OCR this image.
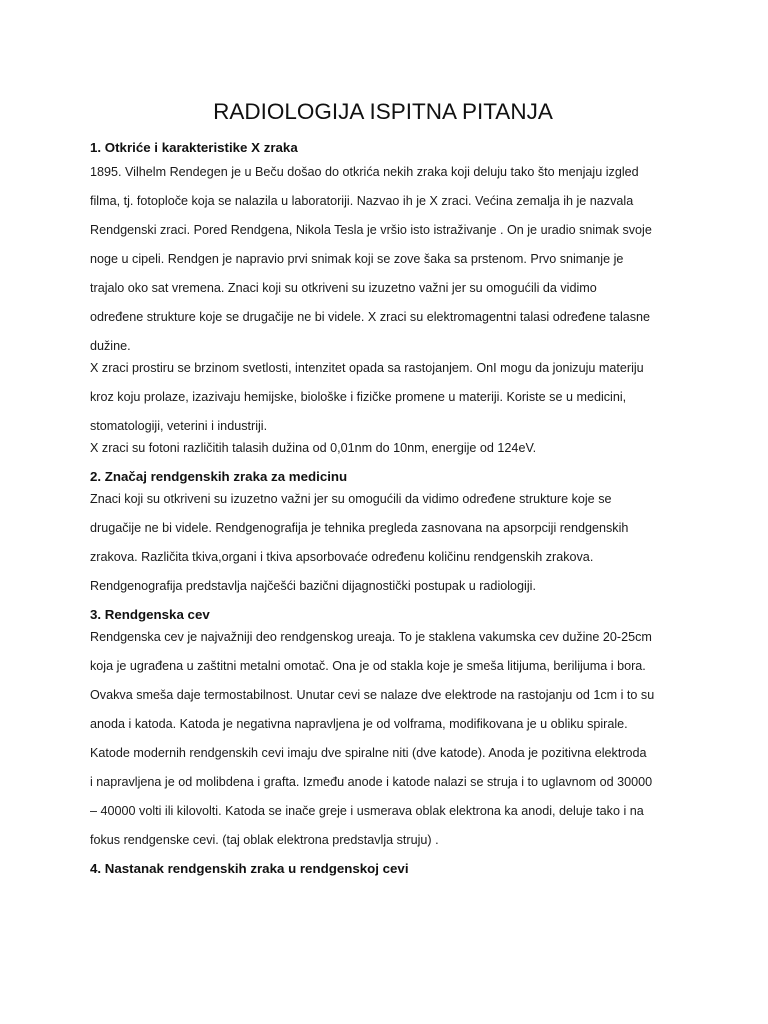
RADIOLOGIJA ISPITNA PITANJA
1. Otkriće i karakteristike X zraka

1895. Vilhelm Rendegen je u Beču došao do otkrića nekih zraka koji deluju tako što menjaju izgled
filma, tj. fotoploče koja se nalazila u laboratoriji. Nazvao ih je X zraci. Većina zemalja ih je nazvala
Rendgenski zraci. Pored Rendgena, Nikola Tesla je vršio isto istraživanje . On je uradio snimak svoje
noge u cipeli. Rendgen je napravio prvi snimak koji se zove šaka sa prstenom. Prvo snimanje je
trajalo oko sat vremena. Znaci koji su otkriveni su izuzetno važni jer su omogućili da vidimo
određene strukture koje se drugačije ne bi videle. X zraci su elektromagentni talasi određene talasne
dužine.

X zraci prostiru se brzinom svetlosti, intenzitet opada sa rastojanjem. OnI mogu da jonizuju materiju
kroz koju prolaze, izazivaju hemijske, biološke i fizičke promene u materiji. Koriste se u medicini,
stomatologiji, veterini i industriji.

X zraci su fotoni različitih talasih dužina od 0,01nm do 10nm, energije od 124eV.

2. Značaj rendgenskih zraka za medicinu

Znaci koji su otkriveni su izuzetno važni jer su omogućili da vidimo određene strukture koje se
drugačije ne bi videle. Rendgenografija je tehnika pregleda zasnovana na apsorpciji rendgenskih
zrakova. Različita tkiva,organi i tkiva apsorbovaće određenu količinu rendgenskih zrakova.
Rendgenografija predstavlja najčešći bazični dijagnostički postupak u radiologiji.

3. Rendgenska cev

Rendgenska cev je najvažniji deo rendgenskog ureaja. To je staklena vakumska cev dužine 20-25cm
koja je ugrađena u zaštitni metalni omotač. Ona je od stakla koje je smeša litijuma, berilijuma i bora.
Ovakva smeša daje termostabilnost. Unutar cevi se nalaze dve elektrode na rastojanju od 1cm i to su
anoda i katoda. Katoda je negativna napravljena je od volframa, modifikovana je u obliku spirale.
Katode modernih rendgenskih cevi imaju dve spiralne niti (dve katode). Anoda je pozitivna elektroda
i napravljena je od molibdena i grafta. Između anode i katode nalazi se struja i to uglavnom od 30000
– 40000 volti ili kilovolti. Katoda se inače greje i usmerava oblak elektrona ka anodi, deluje tako i na
fokus rendgenske cevi. (taj oblak elektrona predstavlja struju) .

4. Nastanak rendgenskih zraka u rendgenskoj cevi
